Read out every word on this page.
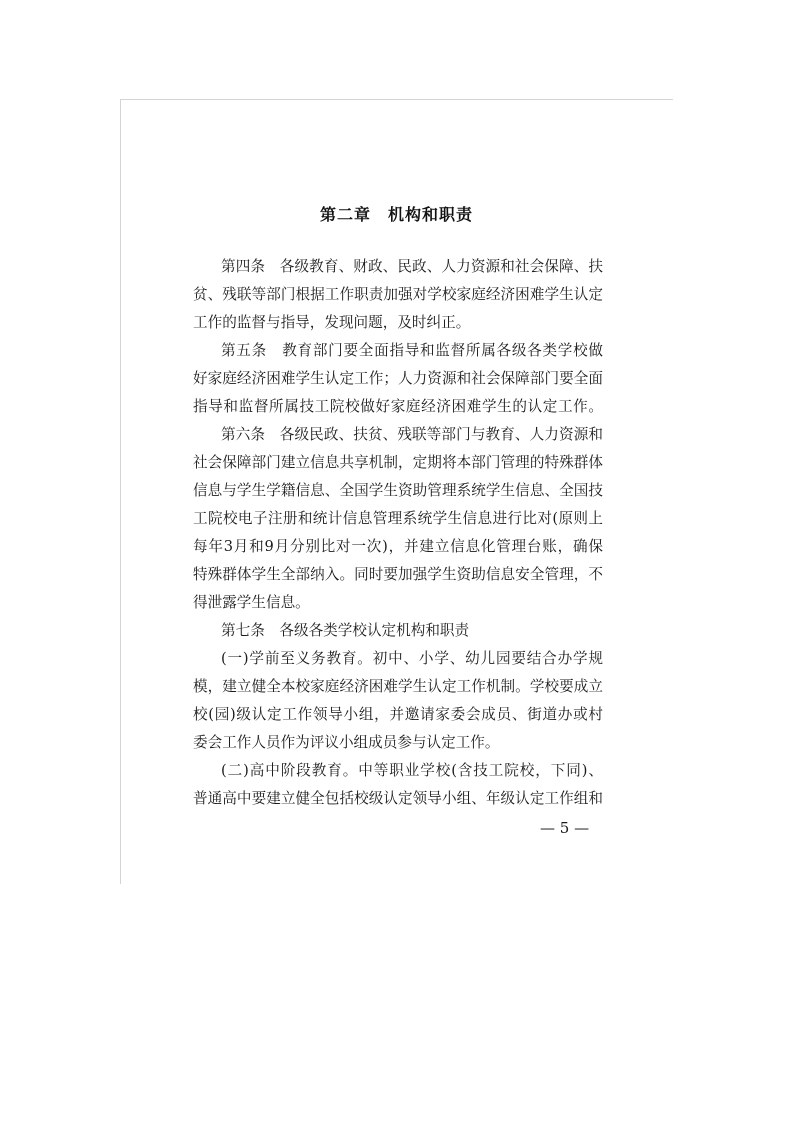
第二章　机构和职责
第四条　各级教育、财政、民政、人力资源和社会保障、扶
贫、残联等部门根据工作职责加强对学校家庭经济困难学生认定
工作的监督与指导，发现问题，及时纠正。
第五条　教育部门要全面指导和监督所属各级各类学校做
好家庭经济困难学生认定工作；人力资源和社会保障部门要全面
指导和监督所属技工院校做好家庭经济困难学生的认定工作。
第六条　各级民政、扶贫、残联等部门与教育、人力资源和
社会保障部门建立信息共享机制，定期将本部门管理的特殊群体
信息与学生学籍信息、全国学生资助管理系统学生信息、全国技
工院校电子注册和统计信息管理系统学生信息进行比对(原则上
每年3月和9月分别比对一次)，并建立信息化管理台账，确保
特殊群体学生全部纳入。同时要加强学生资助信息安全管理，不
得泄露学生信息。
第七条　各级各类学校认定机构和职责
(一)学前至义务教育。初中、小学、幼儿园要结合办学规
模，建立健全本校家庭经济困难学生认定工作机制。学校要成立
校(园)级认定工作领导小组，并邀请家委会成员、街道办或村
委会工作人员作为评议小组成员参与认定工作。
(二)高中阶段教育。中等职业学校(含技工院校，下同)、
普通高中要建立健全包括校级认定领导小组、年级认定工作组和
— 5 —
